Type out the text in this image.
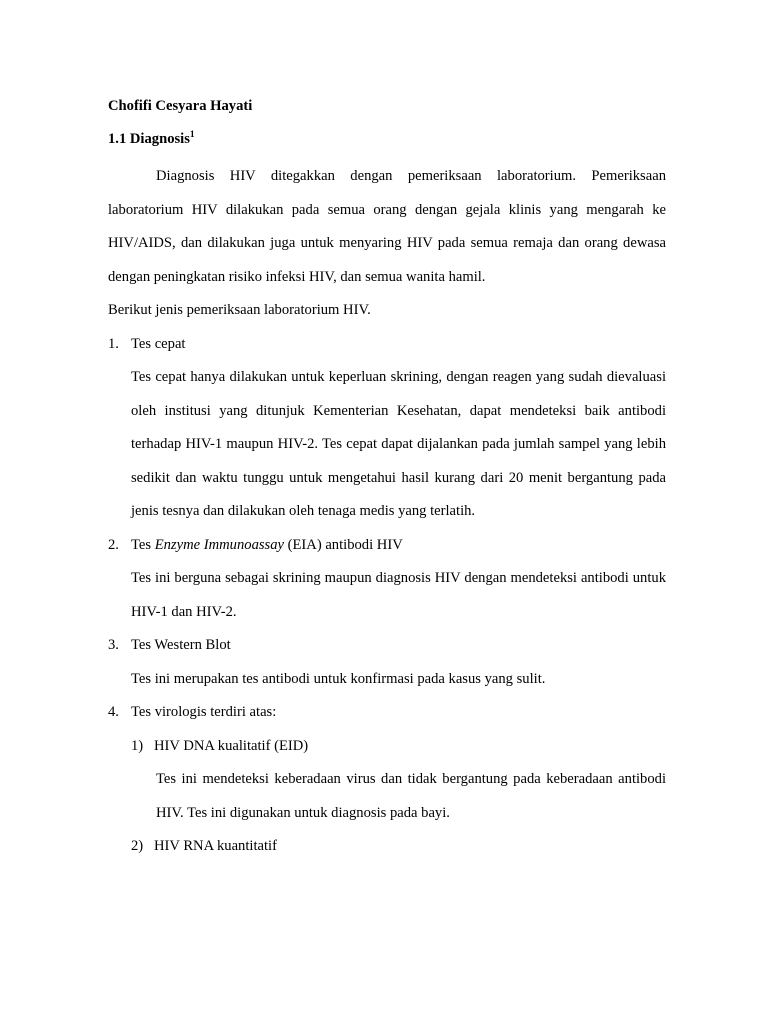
Chofifi Cesyara Hayati

1.1 Diagnosis$^1$

Diagnosis HIV ditegakkan dengan pemeriksaan laboratorium. Pemeriksaan laboratorium HIV dilakukan pada semua orang dengan gejala klinis yang mengarah ke HIV/AIDS, dan dilakukan juga untuk menyaring HIV pada semua remaja dan orang dewasa dengan peningkatan risiko infeksi HIV, dan semua wanita hamil.

Berikut jenis pemeriksaan laboratorium HIV.

1. Tes cepat

Tes cepat hanya dilakukan untuk keperluan skrining, dengan reagen yang sudah dievaluasi oleh institusi yang ditunjuk Kementerian Kesehatan, dapat mendeteksi baik antibodi terhadap HIV-1 maupun HIV-2. Tes cepat dapat dijalankan pada jumlah sampel yang lebih sedikit dan waktu tunggu untuk mengetahui hasil kurang dari 20 menit bergantung pada jenis tesnya dan dilakukan oleh tenaga medis yang terlatih.

2. Tes Enzyme Immunoassay (EIA) antibodi HIV

Tes ini berguna sebagai skrining maupun diagnosis HIV dengan mendeteksi antibodi untuk HIV-1 dan HIV-2.

3. Tes Western Blot

Tes ini merupakan tes antibodi untuk konfirmasi pada kasus yang sulit.

4. Tes virologis terdiri atas:

1) HIV DNA kualitatif (EID)

Tes ini mendeteksi keberadaan virus dan tidak bergantung pada keberadaan antibodi HIV. Tes ini digunakan untuk diagnosis pada bayi.

2) HIV RNA kuantitatif
